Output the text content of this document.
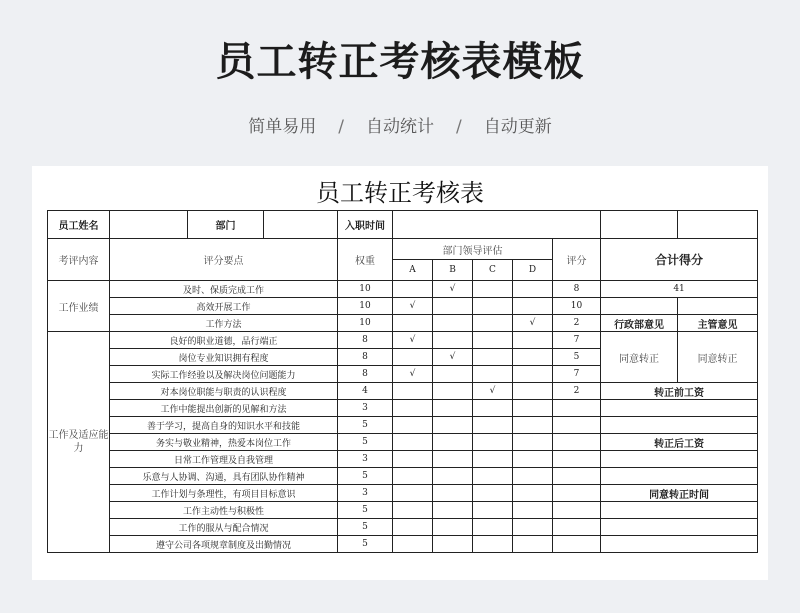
员工转正考核表模板
简单易用 / 自动统计 / 自动更新
员工转正考核表
员工姓名		部门		入职时间							
考评内容	评分要点			权重	部门领导评估				评分	合计得分	
					A	B	C	D			
工作业绩	及时、保质完成工作			10		√			8	41	
	高效开展工作			10	√				10		
	工作方法			10				√	2	行政部意见	主管意见
工作及适应能力	良好的职业道德，品行端正			8	√				7	同意转正	同意转正
	岗位专业知识拥有程度			8		√			5		
	实际工作经验以及解决岗位问题能力			8	√				7		
	对本岗位职能与职责的认识程度			4			√		2	转正前工资	
	工作中能提出创新的见解和方法			3							
	善于学习，提高自身的知识水平和技能			5							
	务实与敬业精神，热爱本岗位工作			5						转正后工资	
	日常工作管理及自我管理			3							
	乐意与人协调、沟通，具有团队协作精神			5							
	工作计划与条理性，有项目目标意识			3						同意转正时间	
	工作主动性与积极性			5							
	工作的服从与配合情况			5							
	遵守公司各项规章制度及出勤情况			5							
